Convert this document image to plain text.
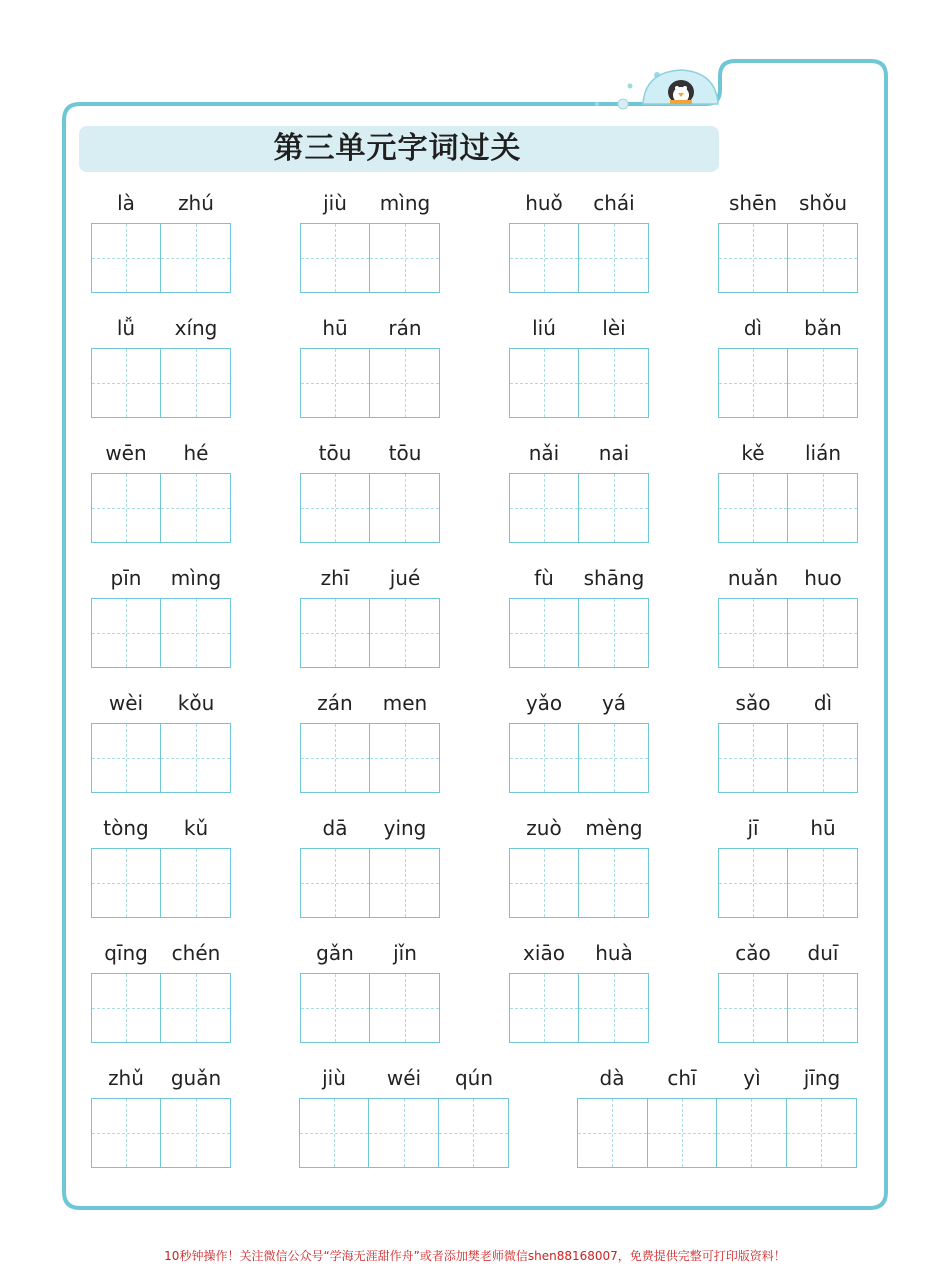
第三单元字词过关
là	zhú	jiù	mìng	huǒ	chái	shēn	shǒu
lǚ	xíng	hū	rán	liú	lèi	dì	bǎn
wēn	hé	tōu	tōu	nǎi	nai	kě	lián
pīn	mìng	zhī	jué	fù	shāng	nuǎn	huo
wèi	kǒu	zán	men	yǎo	yá	sǎo	dì
tòng	kǔ	dā	ying	zuò	mèng	jī	hū
qīng	chén	gǎn	jǐn	xiāo	huà	cǎo	duī
zhǔ	guǎn	jiù	wéi	qún	dà	chī	yì	jīng
10秒钟操作！关注微信公众号“学海无涯甜作舟”或者添加樊老师微信shen88168007，免费提供完整可打印版资料！
